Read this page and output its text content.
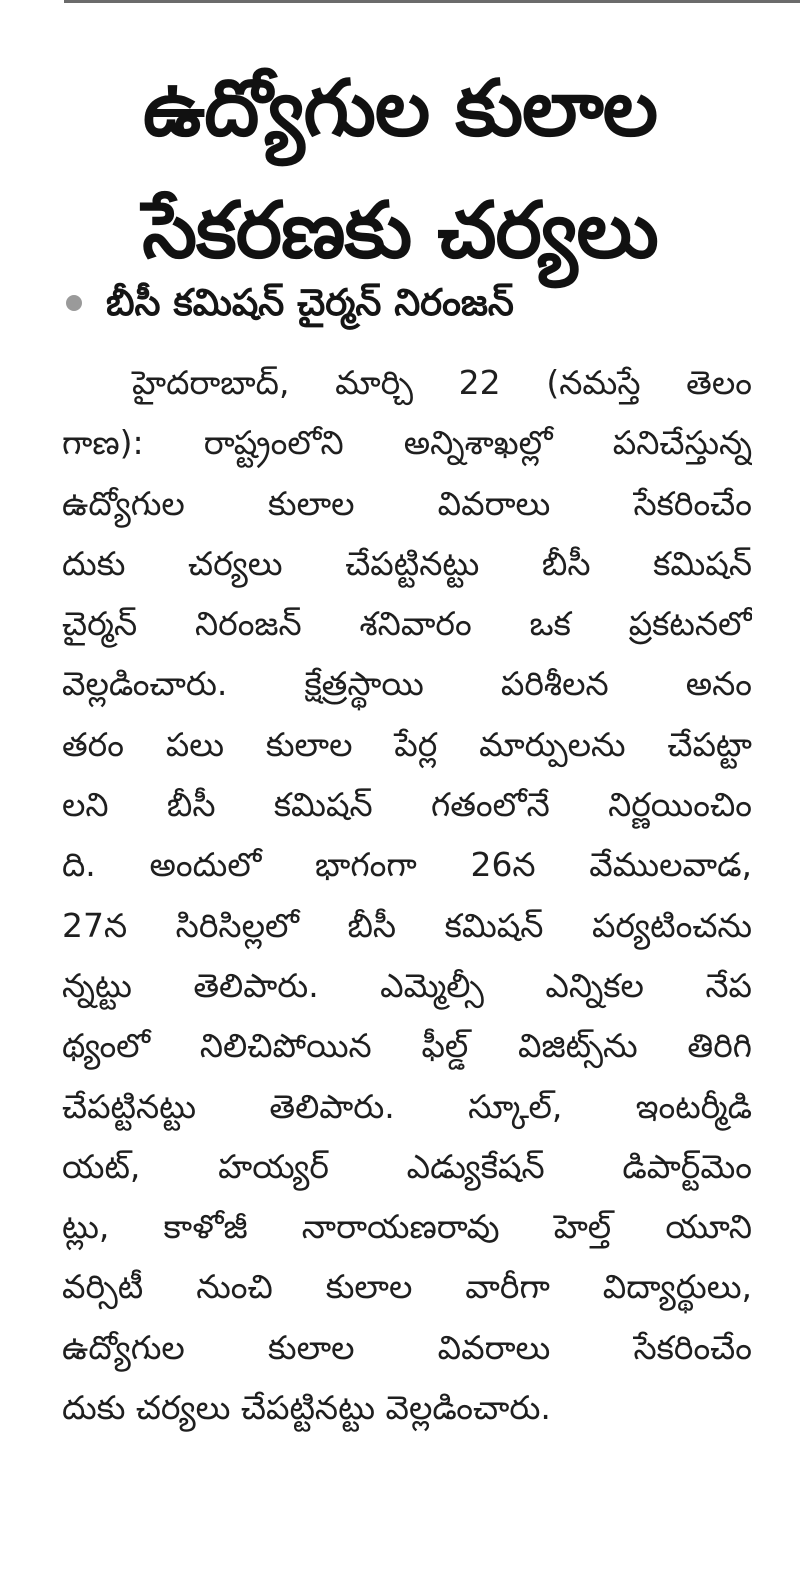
ఉద్యోగుల కులాల
సేకరణకు చర్యలు
బీసీ కమిషన్ చైర్మన్ నిరంజన్
హైదరాబాద్, మార్చి 22 (నమస్తే తెలం
గాణ): రాష్ట్రంలోని అన్నిశాఖల్లో పనిచేస్తున్న
ఉద్యోగుల కులాల వివరాలు సేకరించేం
దుకు చర్యలు చేపట్టినట్టు బీసీ కమిషన్
చైర్మన్ నిరంజన్ శనివారం ఒక ప్రకటనలో
వెల్లడించారు. క్షేత్రస్థాయి పరిశీలన అనం
తరం పలు కులాల పేర్ల మార్పులను చేపట్టా
లని బీసీ కమిషన్ గతంలోనే నిర్ణయించిం
ది. అందులో భాగంగా 26న వేములవాడ,
27న సిరిసిల్లలో బీసీ కమిషన్ పర్యటించను
న్నట్టు తెలిపారు. ఎమ్మెల్సీ ఎన్నికల నేప
థ్యంలో నిలిచిపోయిన ఫీల్డ్ విజిట్స్‌ను తిరిగి
చేపట్టినట్టు తెలిపారు. స్కూల్, ఇంటర్మీడి
యట్, హయ్యర్ ఎడ్యుకేషన్ డిపార్ట్‌మెం
ట్లు, కాళోజీ నారాయణరావు హెల్త్ యూని
వర్సిటీ నుంచి కులాల వారీగా విద్యార్థులు,
ఉద్యోగుల కులాల వివరాలు సేకరించేం
దుకు చర్యలు చేపట్టినట్టు వెల్లడించారు.
